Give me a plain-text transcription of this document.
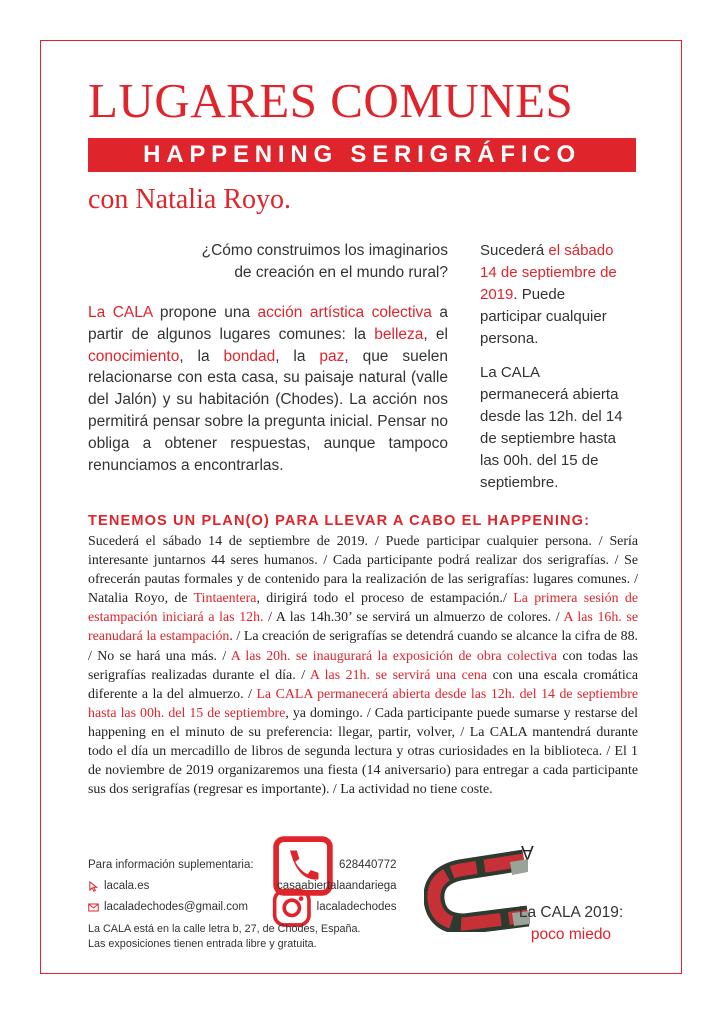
LUGARES COMUNES
HAPPENING SERIGRÁFICO
con Natalia Royo.
¿Cómo construimos los imaginarios de creación en el mundo rural?
La CALA propone una acción artística colectiva a partir de algunos lugares comunes: la belleza, el conocimiento, la bondad, la paz, que suelen relacionarse con esta casa, su paisaje natural (valle del Jalón) y su habitación (Chodes). La acción nos permitirá pensar sobre la pregunta inicial. Pensar no obliga a obtener respuestas, aunque tampoco renunciamos a encontrarlas.

Sucederá el sábado 14 de septiembre de 2019. Puede participar cualquier persona.

La CALA permanecerá abierta desde las 12h. del 14 de septiembre hasta las 00h. del 15 de septiembre.

TENEMOS UN PLAN(O) PARA LLEVAR A CABO EL HAPPENING:
Sucederá el sábado 14 de septiembre de 2019. / Puede participar cualquier persona. / Sería interesante juntarnos 44 seres humanos. / Cada participante podrá realizar dos serigrafías. / Se ofrecerán pautas formales y de contenido para la realización de las serigrafías: lugares comunes. / Natalia Royo, de Tintaentera, dirigirá todo el proceso de estampación./ La primera sesión de estampación iniciará a las 12h. / A las 14h.30’ se servirá un almuerzo de colores. / A las 16h. se reanudará la estampación. / La creación de serigrafías se detendrá cuando se alcance la cifra de 88. / No se hará una más. / A las 20h. se inaugurará la exposición de obra colectiva con todas las serigrafías realizadas durante el día. / A las 21h. se servirá una cena con una escala cromática diferente a la del almuerzo. / La CALA permanecerá abierta desde las 12h. del 14 de septiembre hasta las 00h. del 15 de septiembre, ya domingo. / Cada participante puede sumarse y restarse del happening en el minuto de su preferencia: llegar, partir, volver, / La CALA mantendrá durante todo el día un mercadillo de libros de segunda lectura y otras curiosidades en la biblioteca. / El 1 de noviembre de 2019 organizaremos una fiesta (14 aniversario) para entregar a cada participante sus dos serigrafías (regresar es importante). / La actividad no tiene coste.
Para información suplementaria:
lacala.es
lacaladechodes@gmail.com
628440772
casaabiertalaandariega
lacaladechodes
La CALA está en la calle letra b, 27, de Chodes, España.
Las exposiciones tienen entrada libre y gratuita.
A
La CALA 2019:
poco miedo
